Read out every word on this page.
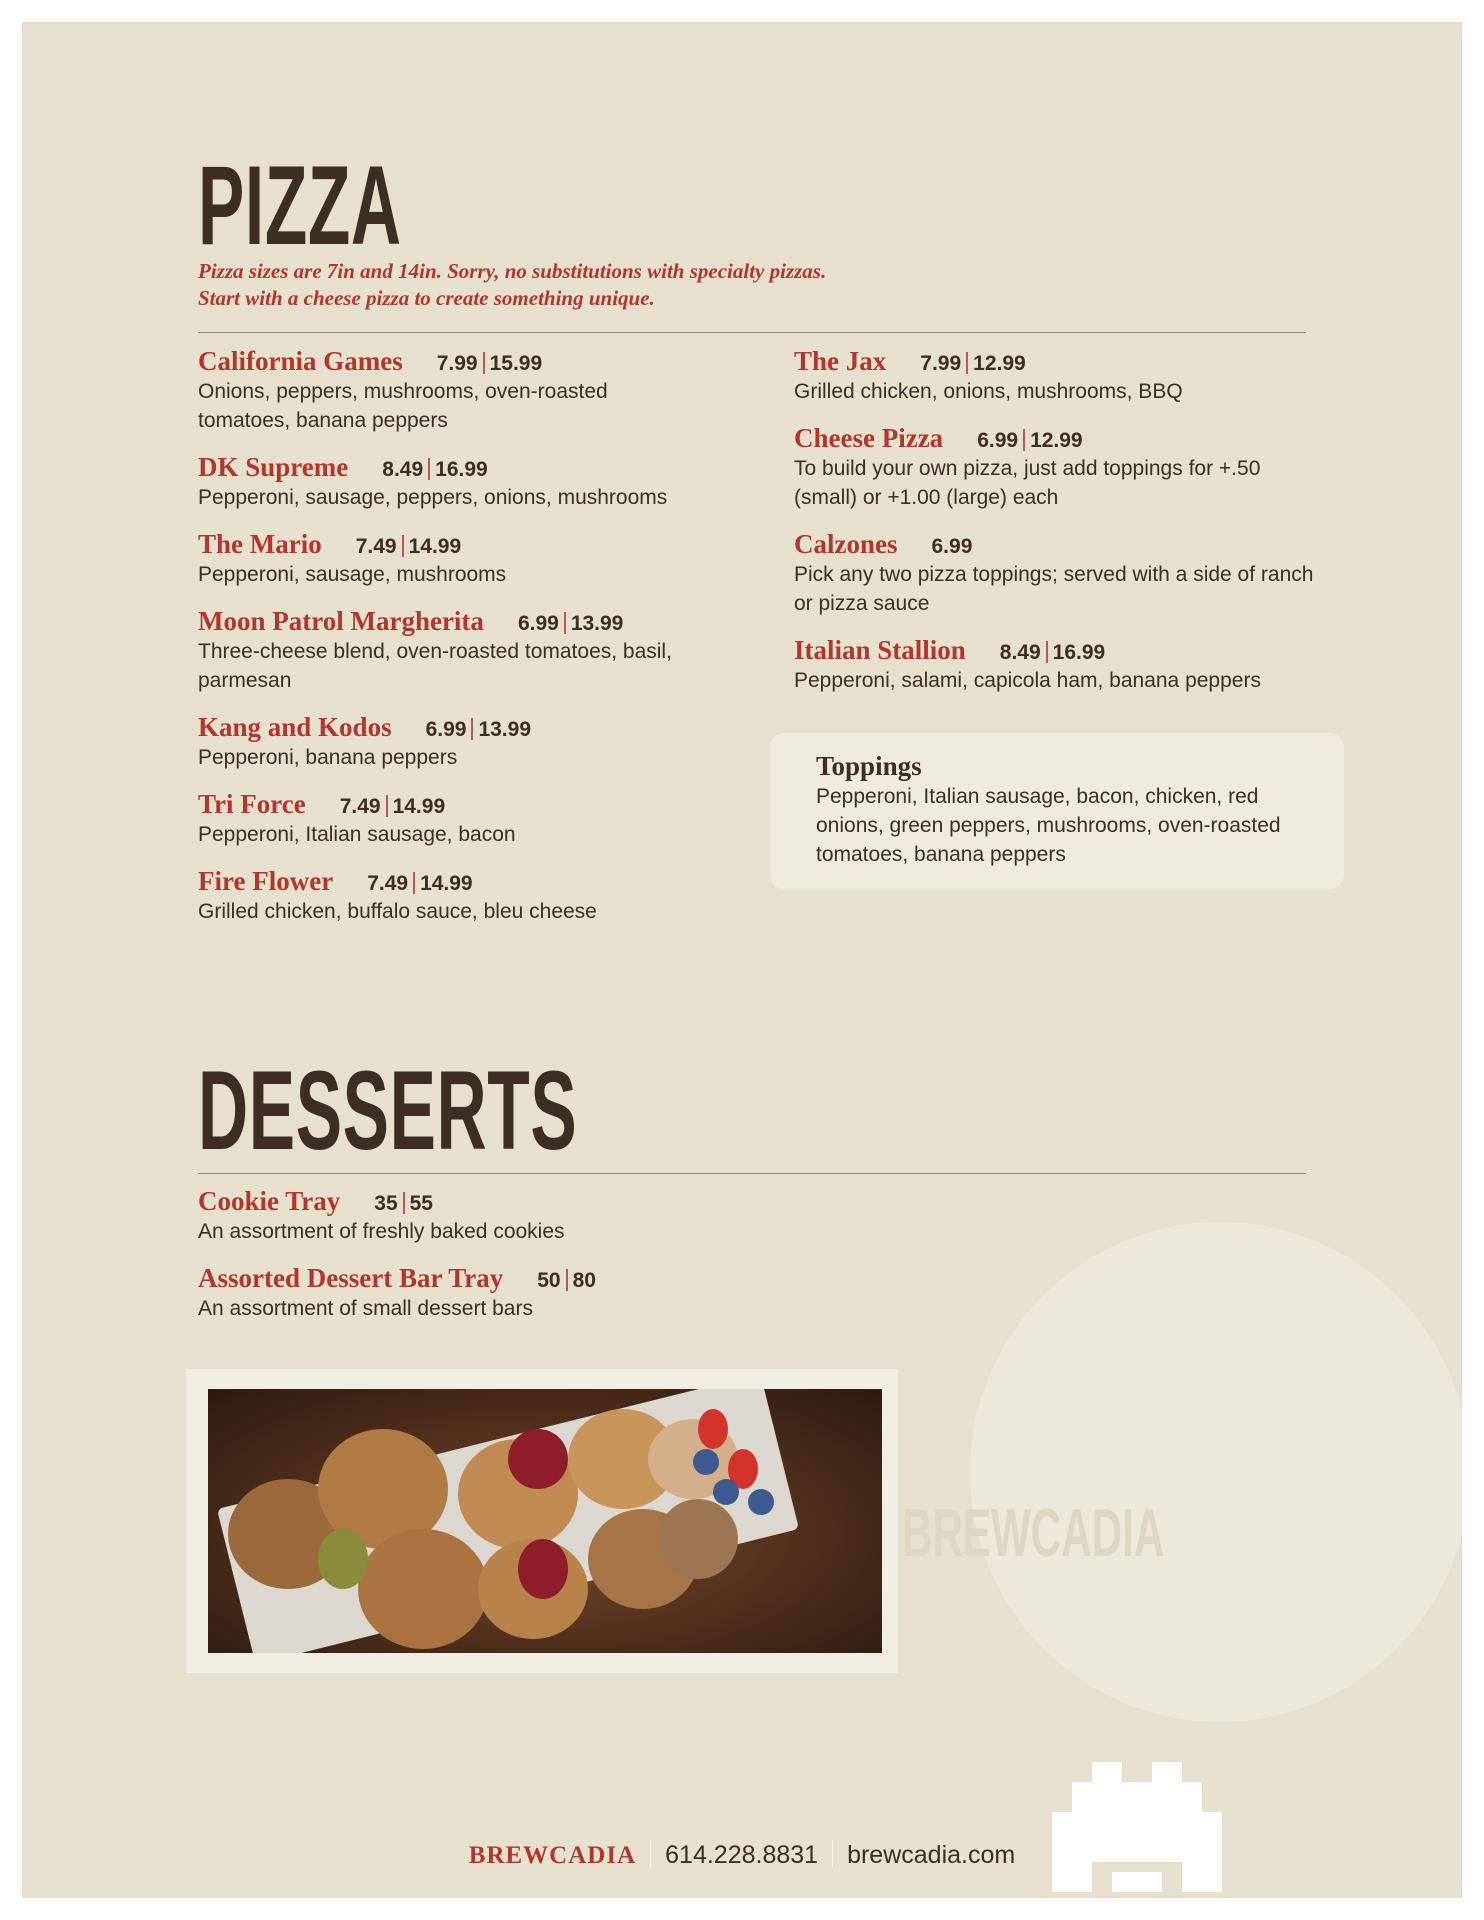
BREWCADIA
PIZZA
Pizza sizes are 7in and 14in. Sorry, no substitutions with specialty pizzas.
Start with a cheese pizza to create something unique.
California Games 7.99 15.99
Onions, peppers, mushrooms, oven-roasted tomatoes, banana peppers
DK Supreme 8.49 16.99
Pepperoni, sausage, peppers, onions, mushrooms
The Mario 7.49 14.99
Pepperoni, sausage, mushrooms
Moon Patrol Margherita 6.99 13.99
Three-cheese blend, oven-roasted tomatoes, basil, parmesan
Kang and Kodos 6.99 13.99
Pepperoni, banana peppers
Tri Force 7.49 14.99
Pepperoni, Italian sausage, bacon
Fire Flower 7.49 14.99
Grilled chicken, buffalo sauce, bleu cheese
The Jax 7.99 12.99
Grilled chicken, onions, mushrooms, BBQ
Cheese Pizza 6.99 12.99
To build your own pizza, just add toppings for +.50 (small) or +1.00 (large) each
Calzones 6.99
Pick any two pizza toppings; served with a side of ranch or pizza sauce
Italian Stallion 8.49 16.99
Pepperoni, salami, capicola ham, banana peppers
Toppings
Pepperoni, Italian sausage, bacon, chicken, red onions, green peppers, mushrooms, oven-roasted tomatoes, banana peppers
DESSERTS
Cookie Tray 35 55
An assortment of freshly baked cookies
Assorted Dessert Bar Tray 50 80
An assortment of small dessert bars
BREWCADIA 614.228.8831 brewcadia.com
